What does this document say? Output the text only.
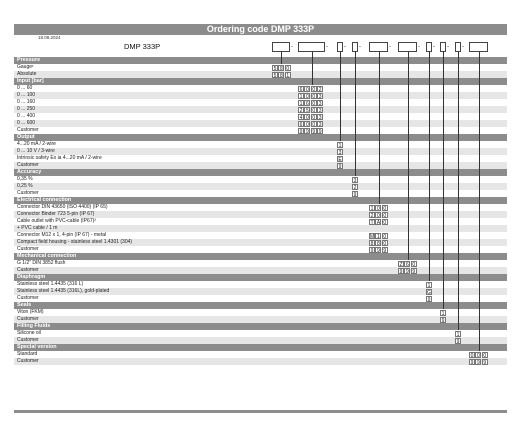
Ordering code DMP 333P
18.09.2024
DMP 333P	-	-	- -	-	- - - -
Pressure
Gauge¹	5 8 0
Absolute	5 8 1
Input [bar]
0 ... 60	6 0 0 2
0 ... 100	1 0 0 3
0 ... 160	1 6 0 3
0 ... 250	2 5 0 3
0 ... 400	4 0 0 3
0 ... 600	6 0 0 3
Customer	9 9 9 9
Output
4...20 mA / 2-wire	1
0 ... 10 V / 3-wire	3
Intrinsic safety Ex ia 4...20 mA / 2-wire	E
Customer	9
Accuracy
0,35 %	3
0,25 %	2
Customer	9
Electrical connection
Connector DIN 43650 (ISO 4400) (IP 65)	1 0 0
Connector Binder 723 5-pin (IP 67)	2 0 0
Cable outlet with PVC-cable (IP67)²	T A 0
+ PVC cable / 1 m
Connector M12 x 1, 4-pin (IP 67) - metal	M 1 0
Compact field housing - stainless steel 1.4301 (304)	8 8 0
Customer	9 9 9
Mechanical connection
G 1/2" DIN 3852 flush	Z 6 0
Customer	9 9 9
Diaphragm
Stainless steel 1.4435 (316 L)	1
Stainless steel 1.4435 (316L), gold-plated	G
Customer	9
Seals
Viton (FKM)	1
Customer	9
Filling Fluids
Silicone oil	1
Customer	9
Special version
Standard	0 0 0
Customer	9 9 9
